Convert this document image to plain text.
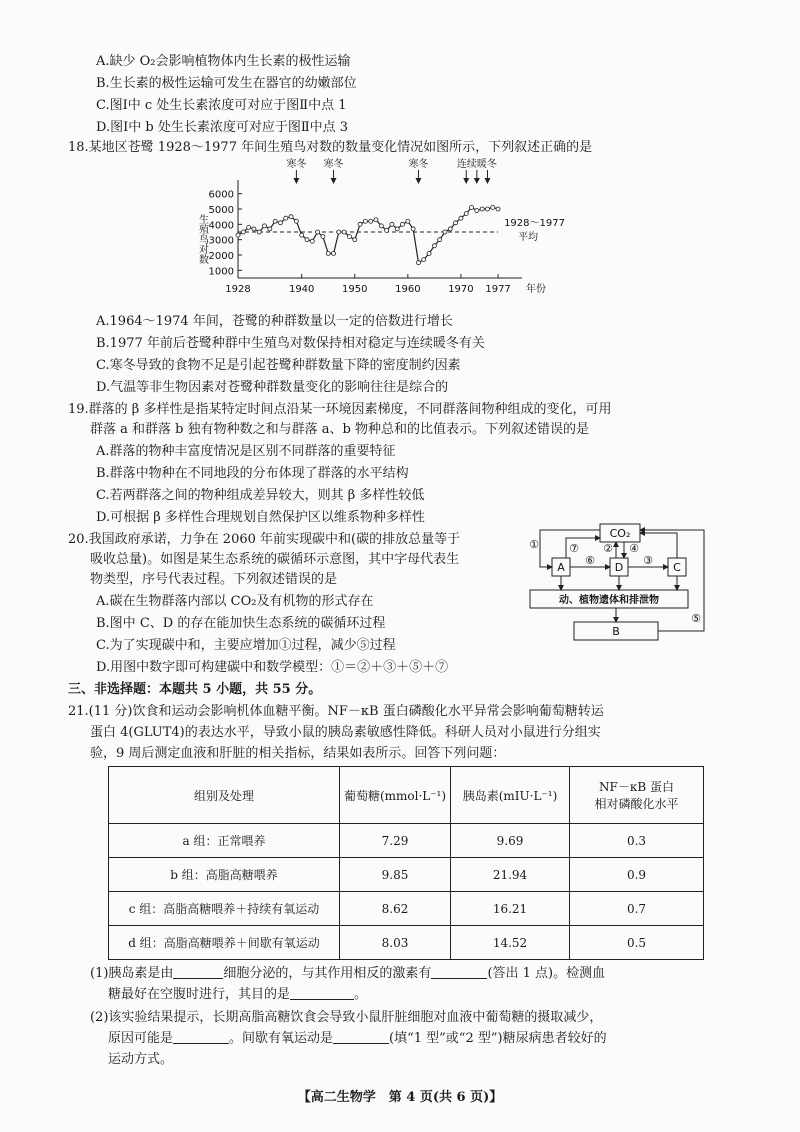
A.缺少 O₂会影响植物体内生长素的极性运输
B.生长素的极性运输可发生在器官的幼嫩部位
C.图Ⅰ中 c 处生长素浓度可对应于图Ⅱ中点 1
D.图Ⅰ中 b 处生长素浓度可对应于图Ⅱ中点 3
18.某地区苍鹭 1928～1977 年间生殖鸟对数的数量变化情况如图所示，下列叙述正确的是
1000
2000
3000
4000
5000
6000
1928	1940	1950	1960	1970 1977 年份
生殖鸟对数	1928～1977
平均
寒冬 寒冬	寒冬	连续暖冬
A.1964～1974 年间，苍鹭的种群数量以一定的倍数进行增长
B.1977 年前后苍鹭种群中生殖鸟对数保持相对稳定与连续暖冬有关
C.寒冬导致的食物不足是引起苍鹭种群数量下降的密度制约因素
D.气温等非生物因素对苍鹭种群数量变化的影响往往是综合的
19.群落的 β 多样性是指某特定时间点沿某一环境因素梯度，不同群落间物种组成的变化，可用
群落 a 和群落 b 独有物种数之和与群落 a、b 物种总和的比值表示。下列叙述错误的是
A.群落的物种丰富度情况是区别不同群落的重要特征
B.群落中物种在不同地段的分布体现了群落的水平结构
C.若两群落之间的物种组成差异较大，则其 β 多样性较低
D.可根据 β 多样性合理规划自然保护区以维系物种多样性
20.我国政府承诺，力争在 2060 年前实现碳中和(碳的排放总量等于
吸收总量)。如图是某生态系统的碳循环示意图，其中字母代表生
物类型，序号代表过程。下列叙述错误的是
A.碳在生物群落内部以 CO₂及有机物的形式存在
B.图中 C、D 的存在能加快生态系统的碳循环过程
C.为了实现碳中和，主要应增加①过程，减少⑤过程
D.用图中数字即可构建碳中和数学模型：①＝②＋③＋⑤＋⑦
CO₂
A	D	C
动、植物遗体和排泄物
B
①	⑦
⑥
② ④
③
⑤
三、非选择题：本题共 5 小题，共 55 分。
21.(11 分)饮食和运动会影响机体血糖平衡。NF－κB 蛋白磷酸化水平异常会影响葡萄糖转运
蛋白 4(GLUT4)的表达水平，导致小鼠的胰岛素敏感性降低。科研人员对小鼠进行分组实
验，9 周后测定血液和肝脏的相关指标，结果如表所示。回答下列问题：
组别及处理	葡萄糖(mmol·L⁻¹)	胰岛素(mIU·L⁻¹)	NF－κB 蛋白
相对磷酸化水平

a 组：正常喂养	7.29	9.69	0.3
b 组：高脂高糖喂养	9.85	21.94	0.9
c 组：高脂高糖喂养＋持续有氧运动	8.62	16.21	0.7
d 组：高脂高糖喂养＋间歇有氧运动	8.03	14.52	0.5
(1)胰岛素是由	细胞分泌的，与其作用相反的激素有	(答出 1 点)。检测血
糖最好在空腹时进行，其目的是	。
(2)该实验结果提示，长期高脂高糖饮食会导致小鼠肝脏细胞对血液中葡萄糖的摄取减少，
原因可能是	。间歇有氧运动是	(填“1 型”或“2 型”)糖尿病患者较好的
运动方式。
【高二生物学　第 4 页(共 6 页)】
